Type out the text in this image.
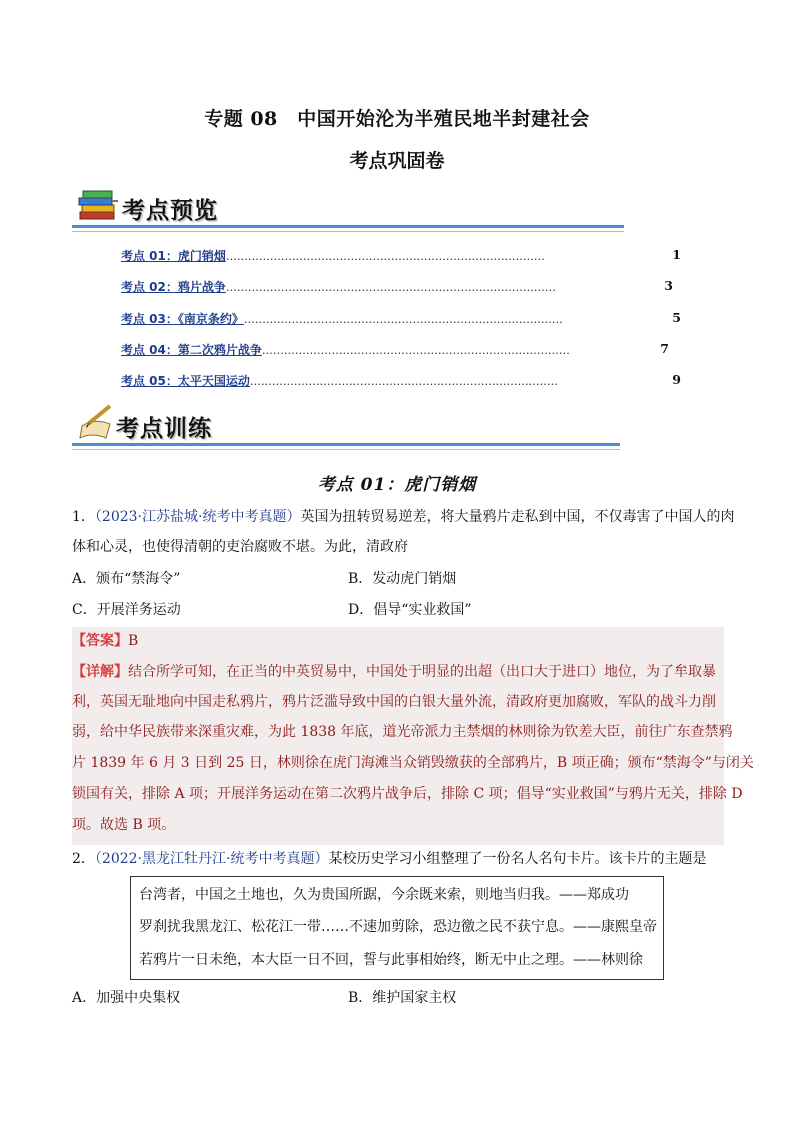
专题 08　中国开始沦为半殖民地半封建社会
考点巩固卷
考点预览
考点 01：虎门销烟……………………………………………………………………………	1
考点 02：鸦片战争………………………………………………………………………………	3
考点 03：《南京条约》……………………………………………………………………………	5
考点 04：第二次鸦片战争…………………………………………………………………………	7
考点 05：太平天国运动…………………………………………………………………………	9
考点训练
考点 01：虎门销烟
1．（2023·江苏盐城·统考中考真题）英国为扭转贸易逆差，将大量鸦片走私到中国，不仅毒害了中国人的肉
体和心灵，也使得清朝的吏治腐败不堪。为此，清政府
A．颁布“禁海令”	B．发动虎门销烟
C．开展洋务运动	D．倡导“实业救国”
【答案】B
【详解】结合所学可知，在正当的中英贸易中，中国处于明显的出超（出口大于进口）地位，为了牟取暴
利，英国无耻地向中国走私鸦片，鸦片泛滥导致中国的白银大量外流，清政府更加腐败，军队的战斗力削
弱，给中华民族带来深重灾难，为此 1838 年底，道光帝派力主禁烟的林则徐为钦差大臣，前往广东查禁鸦
片 1839 年 6 月 3 日到 25 日，林则徐在虎门海滩当众销毁缴获的全部鸦片，B 项正确；颁布“禁海令”与闭关
锁国有关，排除 A 项；开展洋务运动在第二次鸦片战争后，排除 C 项；倡导“实业救国”与鸦片无关，排除 D
项。故选 B 项。
2．（2022·黑龙江牡丹江·统考中考真题）某校历史学习小组整理了一份名人名句卡片。该卡片的主题是
台湾者，中国之土地也，久为贵国所踞，今余既来索，则地当归我。——郑成功
罗刹扰我黑龙江、松花江一带……不速加剪除，恐边徼之民不获宁息。——康熙皇帝
若鸦片一日未绝，本大臣一日不回，誓与此事相始终，断无中止之理。——林则徐
A．加强中央集权	B．维护国家主权
